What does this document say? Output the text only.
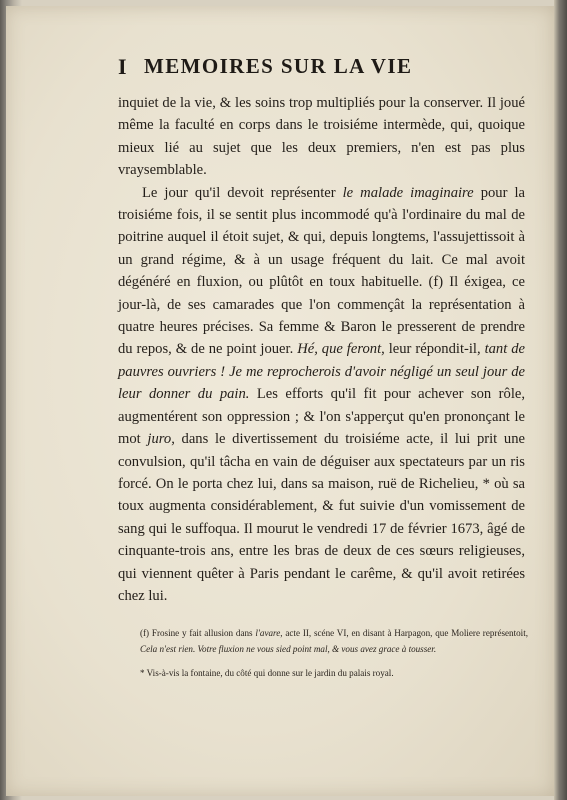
I MEMOIRES SUR LA VIE

inquiet de la vie, & les soins trop multipliés pour la conserver. Il joué même la faculté en corps dans le troisiéme intermède, qui, quoique mieux lié au sujet que les deux premiers, n'en est pas plus vraysemblable.

Le jour qu'il devoit représenter le malade imaginaire pour la troisiéme fois, il se sentit plus incommodé qu'à l'ordinaire du mal de poitrine auquel il étoit sujet, & qui, depuis longtems, l'assujettissoit à un grand régime, & à un usage fréquent du lait. Ce mal avoit dégénéré en fluxion, ou plûtôt en toux habituelle. (f) Il éxigea, ce jour-là, de ses camarades que l'on commençât la représentation à quatre heures précises. Sa femme & Baron le presserent de prendre du repos, & de ne point jouer. Hé, que feront, leur répondit-il, tant de pauvres ouvriers ! Je me reprocherois d'avoir négligé un seul jour de leur donner du pain. Les efforts qu'il fit pour achever son rôle, augmentérent son oppression ; & l'on s'apperçut qu'en prononçant le mot juro, dans le divertissement du troisiéme acte, il lui prit une convulsion, qu'il tâcha en vain de déguiser aux spectateurs par un ris forcé. On le porta chez lui, dans sa maison, ruë de Richelieu, * où sa toux augmenta considérablement, & fut suivie d'un vomissement de sang qui le suffoqua. Il mourut le vendredi 17 de février 1673, âgé de cinquante-trois ans, entre les bras de deux de ces sœurs religieuses, qui viennent quêter à Paris pendant le carême, & qu'il avoit retirées chez lui.

(f) Frosine y fait allusion dans l'avare, acte II, scéne VI, en disant à Harpagon, que Moliere représentoit, Cela n'est rien. Votre fluxion ne vous sied point mal, & vous avez grace à tousser.

* Vis-à-vis la fontaine, du côté qui donne sur le jardin du palais royal.
